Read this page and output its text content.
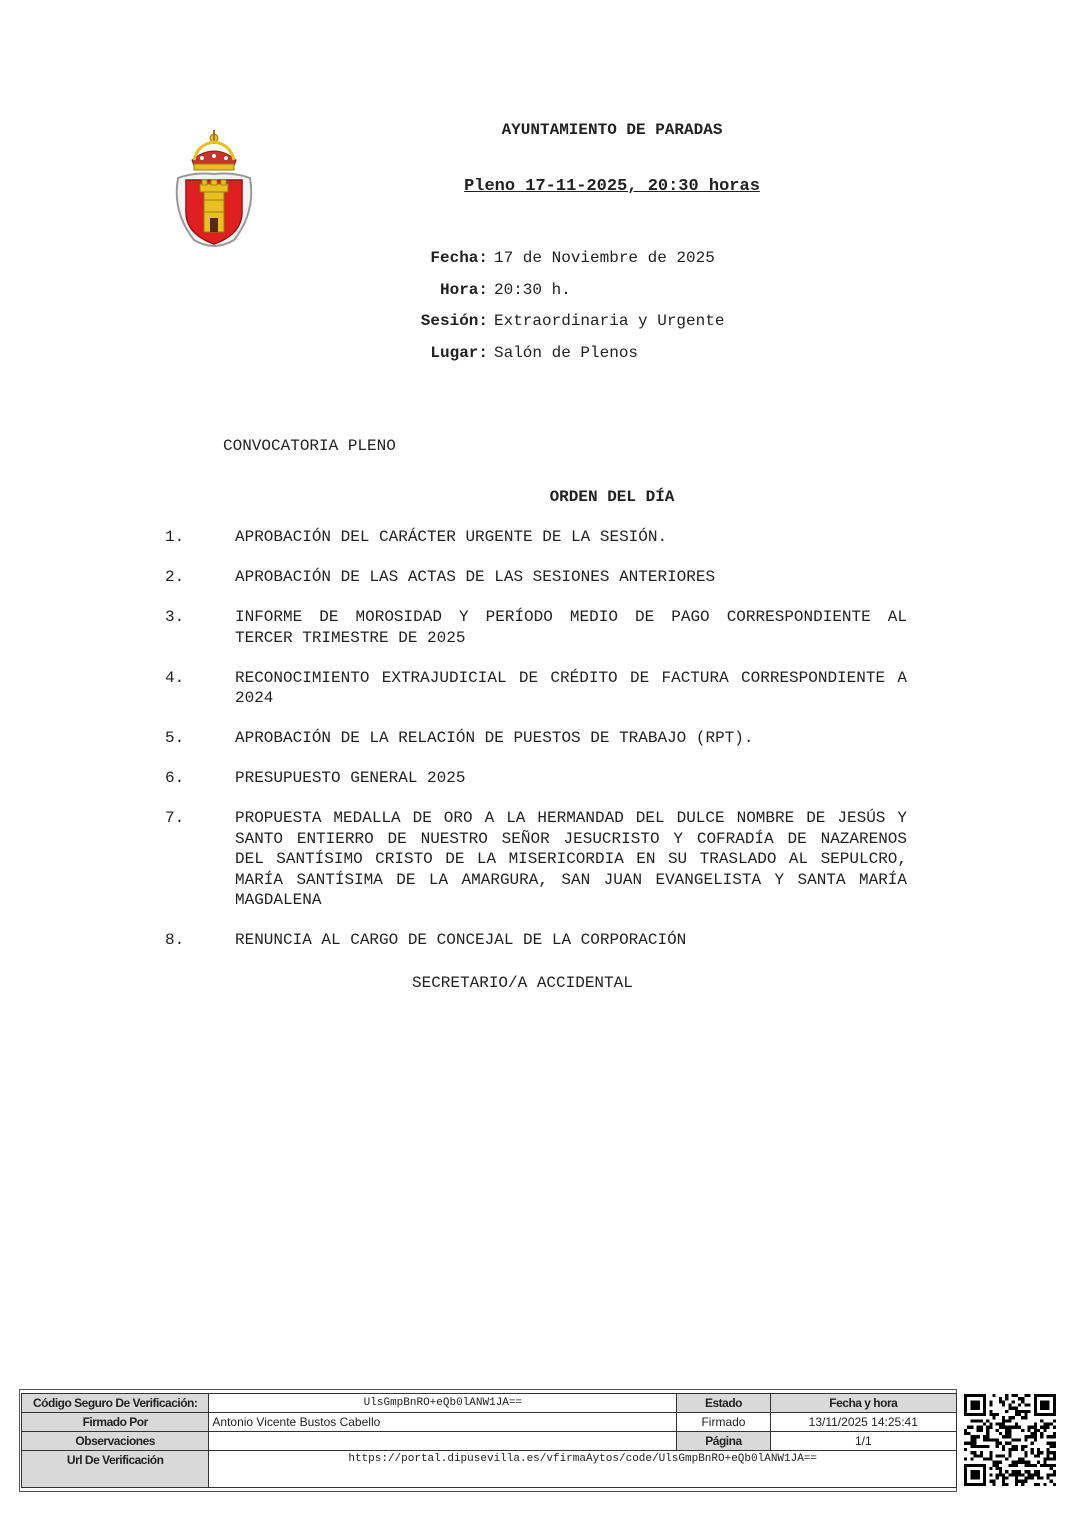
AYUNTAMIENTO DE PARADAS
Pleno 17-11-2025, 20:30 horas
Fecha: 17 de Noviembre de 2025
Hora: 20:30 h.
Sesión: Extraordinaria y Urgente
Lugar: Salón de Plenos
CONVOCATORIA PLENO
ORDEN DEL DÍA
1.	APROBACIÓN DEL CARÁCTER URGENTE DE LA SESIÓN.
2.	APROBACIÓN DE LAS ACTAS DE LAS SESIONES ANTERIORES
3.	INFORME DE MOROSIDAD Y PERÍODO MEDIO DE PAGO CORRESPONDIENTE AL TERCER TRIMESTRE DE 2025
4.	RECONOCIMIENTO EXTRAJUDICIAL DE CRÉDITO DE FACTURA CORRESPONDIENTE A 2024
5.	APROBACIÓN DE LA RELACIÓN DE PUESTOS DE TRABAJO (RPT).
6.	PRESUPUESTO GENERAL 2025
7.	PROPUESTA MEDALLA DE ORO A LA HERMANDAD DEL DULCE NOMBRE DE JESÚS Y SANTO ENTIERRO DE NUESTRO SEÑOR JESUCRISTO Y COFRADÍA DE NAZARENOS DEL SANTÍSIMO CRISTO DE LA MISERICORDIA EN SU TRASLADO AL SEPULCRO, MARÍA SANTÍSIMA DE LA AMARGURA, SAN JUAN EVANGELISTA Y SANTA MARÍA MAGDALENA
8.	RENUNCIA AL CARGO DE CONCEJAL DE LA CORPORACIÓN
SECRETARIO/A ACCIDENTAL
Código Seguro De Verificación:	UlsGmpBnRO+eQb0lANW1JA==	Estado	Fecha y hora
Firmado Por	Antonio Vicente Bustos Cabello	Firmado	13/11/2025 14:25:41
Observaciones		Página	1/1
Url De Verificación	https://portal.dipusevilla.es/vfirmaAytos/code/UlsGmpBnRO+eQb0lANW1JA==		
